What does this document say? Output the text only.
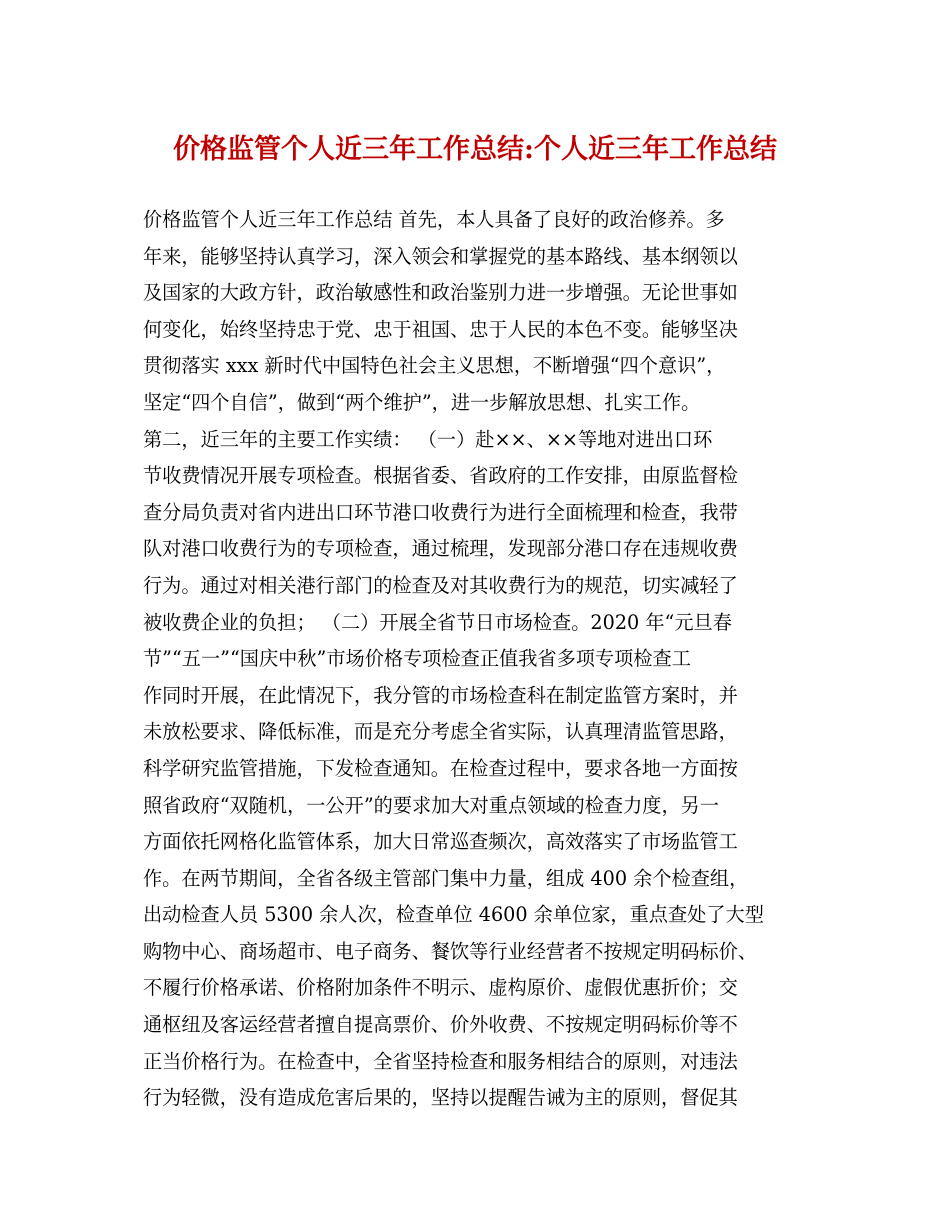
价格监管个人近三年工作总结:个人近三年工作总结
价格监管个人近三年工作总结 首先，本人具备了良好的政治修养。多
年来，能够坚持认真学习，深入领会和掌握党的基本路线、基本纲领以
及国家的大政方针，政治敏感性和政治鉴别力进一步增强。无论世事如
何变化，始终坚持忠于党、忠于祖国、忠于人民的本色不变。能够坚决
贯彻落实 xxx 新时代中国特色社会主义思想，不断增强“四个意识”，
坚定“四个自信”，做到“两个维护”，进一步解放思想、扎实工作。
第二，近三年的主要工作实绩： （一）赴××、××等地对进出口环
节收费情况开展专项检查。根据省委、省政府的工作安排，由原监督检
查分局负责对省内进出口环节港口收费行为进行全面梳理和检查，我带
队对港口收费行为的专项检查，通过梳理，发现部分港口存在违规收费
行为。通过对相关港行部门的检查及对其收费行为的规范，切实减轻了
被收费企业的负担； （二）开展全省节日市场检查。2020 年“元旦春
节”“五一”“国庆中秋”市场价格专项检查正值我省多项专项检查工
作同时开展，在此情况下，我分管的市场检查科在制定监管方案时，并
未放松要求、降低标准，而是充分考虑全省实际，认真理清监管思路，
科学研究监管措施，下发检查通知。在检查过程中，要求各地一方面按
照省政府“双随机，一公开”的要求加大对重点领域的检查力度，另一
方面依托网格化监管体系，加大日常巡查频次，高效落实了市场监管工
作。在两节期间，全省各级主管部门集中力量，组成 400 余个检查组，
出动检查人员 5300 余人次，检查单位 4600 余单位家，重点查处了大型
购物中心、商场超市、电子商务、餐饮等行业经营者不按规定明码标价、
不履行价格承诺、价格附加条件不明示、虚构原价、虚假优惠折价；交
通枢纽及客运经营者擅自提高票价、价外收费、不按规定明码标价等不
正当价格行为。在检查中，全省坚持检查和服务相结合的原则，对违法
行为轻微，没有造成危害后果的，坚持以提醒告诫为主的原则，督促其
